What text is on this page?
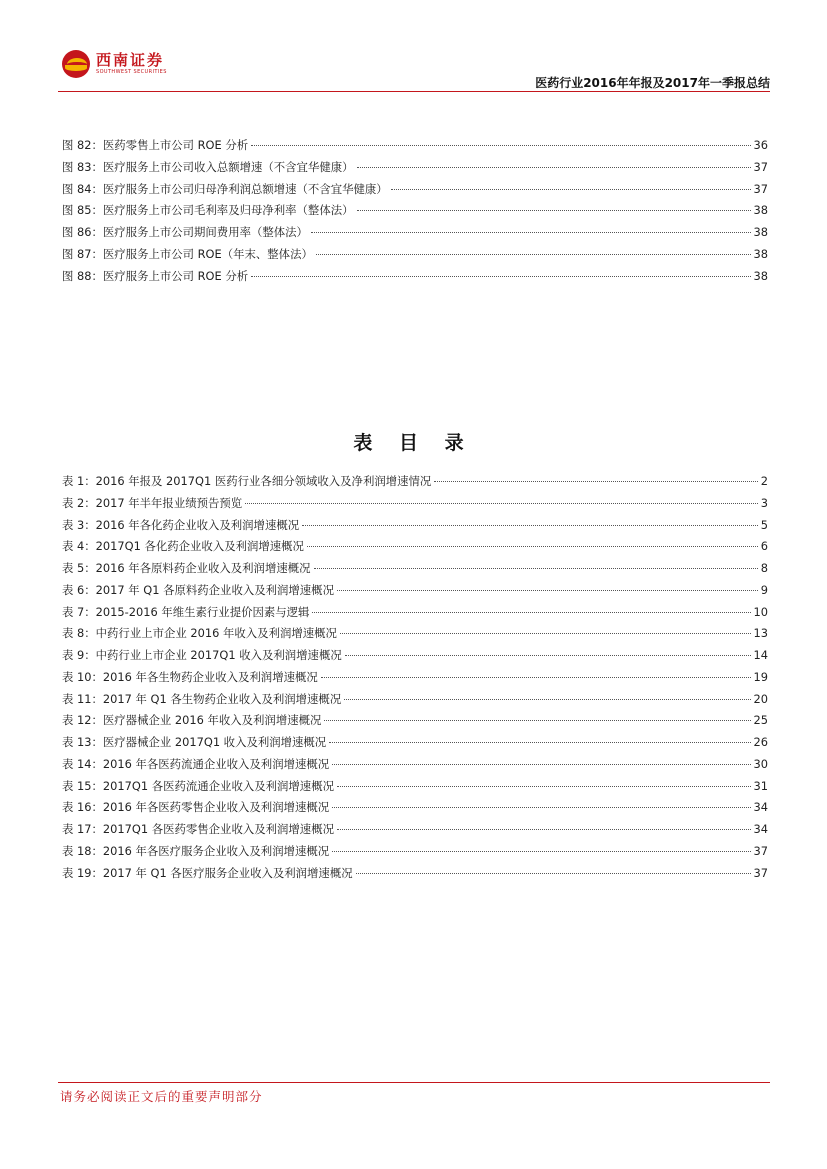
西南证券
SOUTHWEST SECURITIES
医药行业2016年年报及2017年一季报总结
图 82：医药零售上市公司 ROE 分析	36
图 83：医疗服务上市公司收入总额增速（不含宜华健康）	37
图 84：医疗服务上市公司归母净利润总额增速（不含宜华健康）	37
图 85：医疗服务上市公司毛利率及归母净利率（整体法）	38
图 86：医疗服务上市公司期间费用率（整体法）	38
图 87：医疗服务上市公司 ROE（年末、整体法）	38
图 88：医疗服务上市公司 ROE 分析	38
表 目 录
表 1：2016 年报及 2017Q1 医药行业各细分领域收入及净利润增速情况	2
表 2：2017 年半年报业绩预告预览	3
表 3：2016 年各化药企业收入及利润增速概况	5
表 4：2017Q1 各化药企业收入及利润增速概况	6
表 5：2016 年各原料药企业收入及利润增速概况	8
表 6：2017 年 Q1 各原料药企业收入及利润增速概况	9
表 7：2015-2016 年维生素行业提价因素与逻辑	10
表 8：中药行业上市企业 2016 年收入及利润增速概况	13
表 9：中药行业上市企业 2017Q1 收入及利润增速概况	14
表 10：2016 年各生物药企业收入及利润增速概况	19
表 11：2017 年 Q1 各生物药企业收入及利润增速概况	20
表 12：医疗器械企业 2016 年收入及利润增速概况	25
表 13：医疗器械企业 2017Q1 收入及利润增速概况	26
表 14：2016 年各医药流通企业收入及利润增速概况	30
表 15：2017Q1 各医药流通企业收入及利润增速概况	31
表 16：2016 年各医药零售企业收入及利润增速概况	34
表 17：2017Q1 各医药零售企业收入及利润增速概况	34
表 18：2016 年各医疗服务企业收入及利润增速概况	37
表 19：2017 年 Q1 各医疗服务企业收入及利润增速概况	37
请务必阅读正文后的重要声明部分
